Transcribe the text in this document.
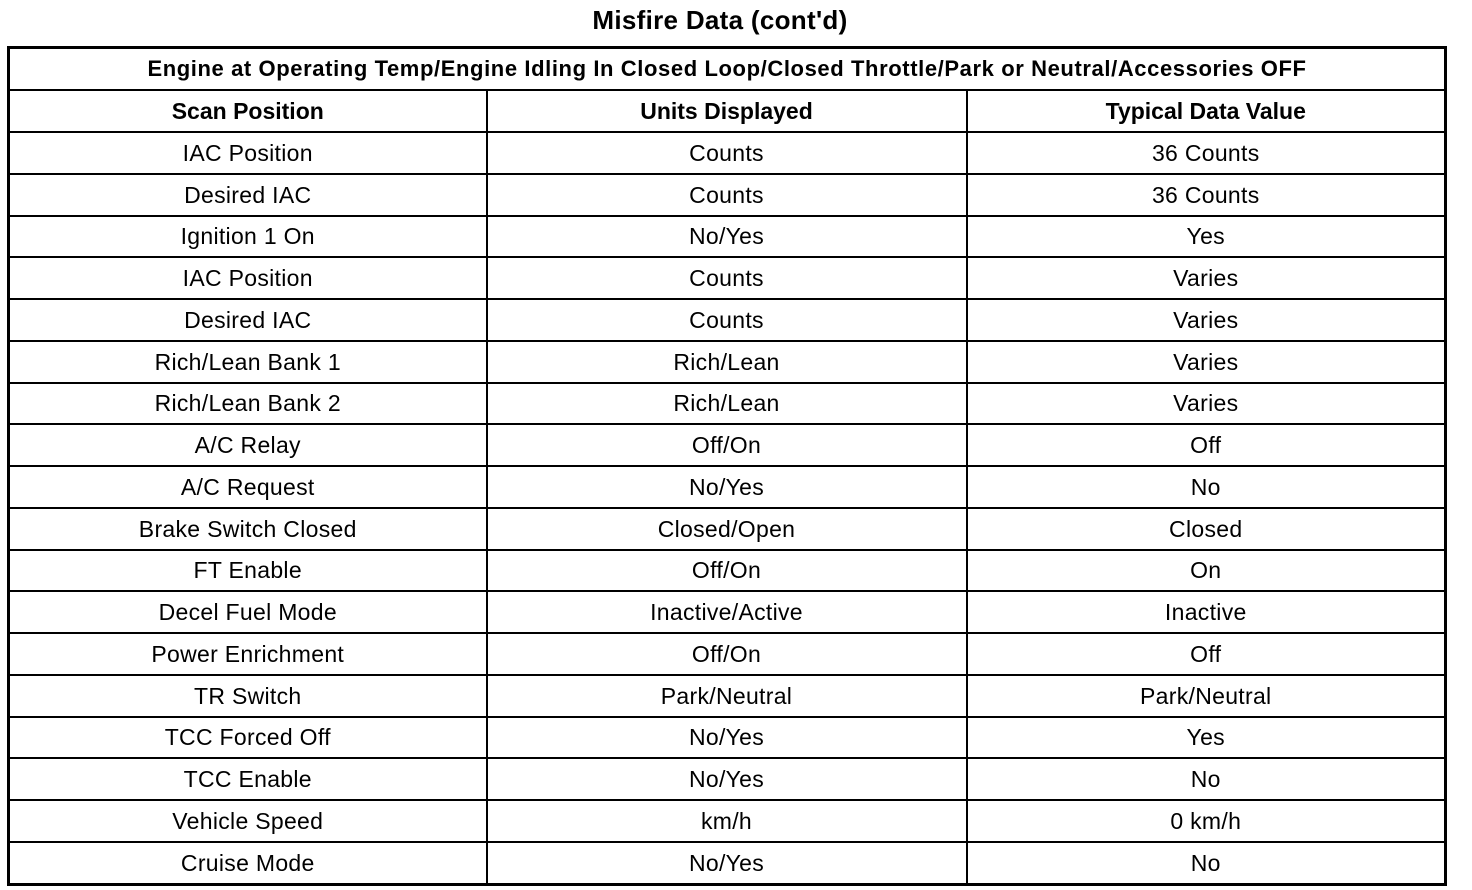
Misfire Data (cont'd)
Engine at Operating Temp/Engine Idling In Closed Loop/Closed Throttle/Park or Neutral/Accessories OFF		
Scan Position	Units Displayed	Typical Data Value
IAC Position	Counts	36 Counts
Desired IAC	Counts	36 Counts
Ignition 1 On	No/Yes	Yes
IAC Position	Counts	Varies
Desired IAC	Counts	Varies
Rich/Lean Bank 1	Rich/Lean	Varies
Rich/Lean Bank 2	Rich/Lean	Varies
A/C Relay	Off/On	Off
A/C Request	No/Yes	No
Brake Switch Closed	Closed/Open	Closed
FT Enable	Off/On	On
Decel Fuel Mode	Inactive/Active	Inactive
Power Enrichment	Off/On	Off
TR Switch	Park/Neutral	Park/Neutral
TCC Forced Off	No/Yes	Yes
TCC Enable	No/Yes	No
Vehicle Speed	km/h	0 km/h
Cruise Mode	No/Yes	No
